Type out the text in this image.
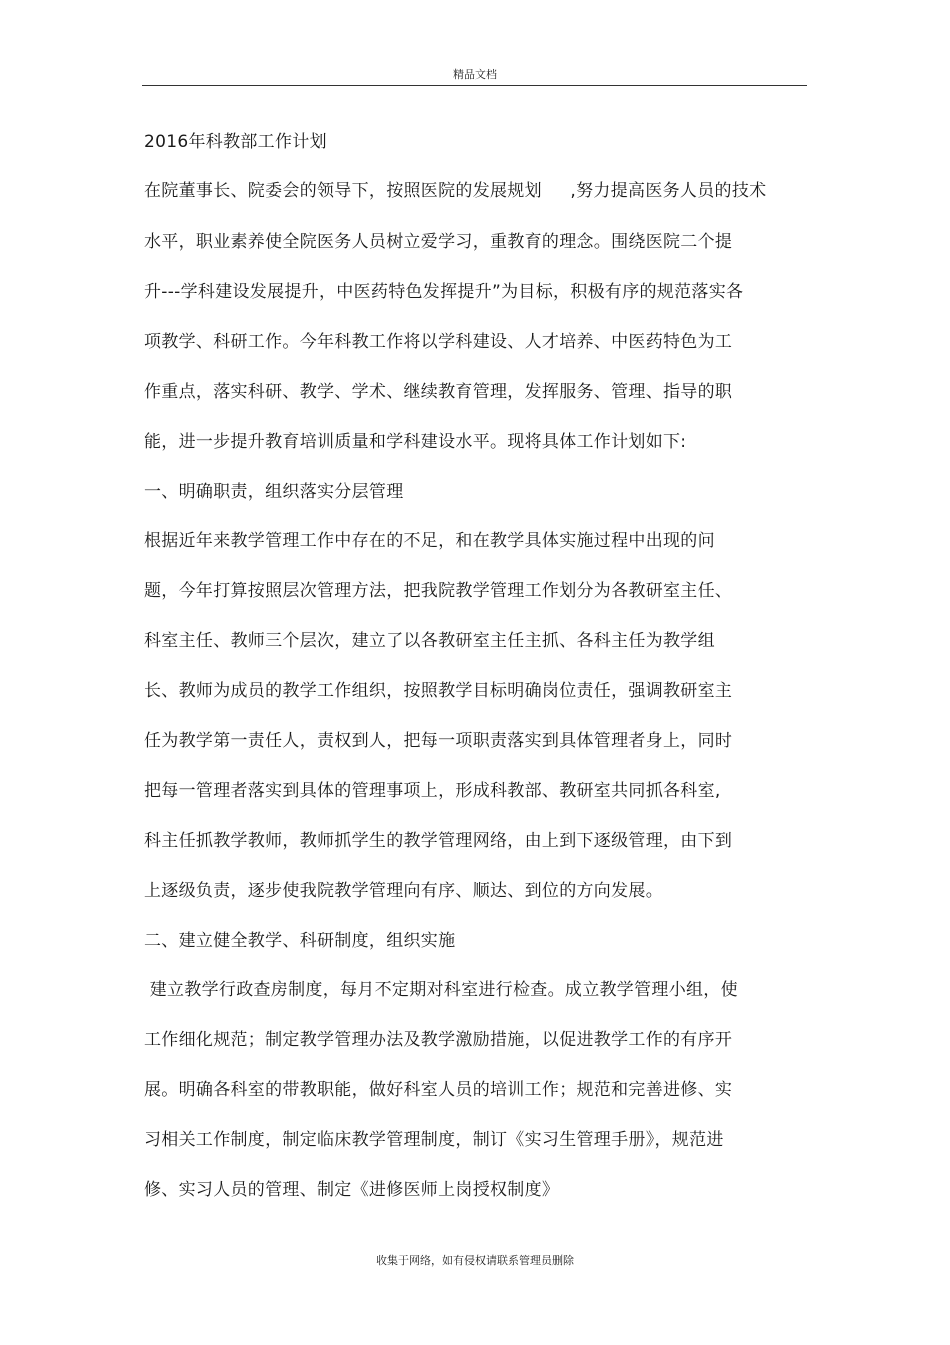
精品文档
2016年科教部工作计划
在院董事长、院委会的领导下，按照医院的发展规划     ,努力提高医务人员的技术
水平，职业素养使全院医务人员树立爱学习，重教育的理念。围绕医院二个提
升---学科建设发展提升，中医药特色发挥提升”为目标，积极有序的规范落实各
项教学、科研工作。今年科教工作将以学科建设、人才培养、中医药特色为工
作重点，落实科研、教学、学术、继续教育管理，发挥服务、管理、指导的职
能，进一步提升教育培训质量和学科建设水平。现将具体工作计划如下:
一、明确职责，组织落实分层管理
根据近年来教学管理工作中存在的不足，和在教学具体实施过程中出现的问
题，今年打算按照层次管理方法，把我院教学管理工作划分为各教研室主任、
科室主任、教师三个层次，建立了以各教研室主任主抓、各科主任为教学组
长、教师为成员的教学工作组织，按照教学目标明确岗位责任，强调教研室主
任为教学第一责任人，责权到人，把每一项职责落实到具体管理者身上，同时
把每一管理者落实到具体的管理事项上，形成科教部、教研室共同抓各科室,
科主任抓教学教师，教师抓学生的教学管理网络，由上到下逐级管理，由下到
上逐级负责，逐步使我院教学管理向有序、顺达、到位的方向发展。
二、建立健全教学、科研制度，组织实施
建立教学行政查房制度，每月不定期对科室进行检查。成立教学管理小组，使
工作细化规范；制定教学管理办法及教学激励措施，以促进教学工作的有序开
展。明确各科室的带教职能，做好科室人员的培训工作；规范和完善进修、实
习相关工作制度，制定临床教学管理制度，制订《实习生管理手册》，规范进
修、实习人员的管理、制定《进修医师上岗授权制度》
收集于网络，如有侵权请联系管理员删除
